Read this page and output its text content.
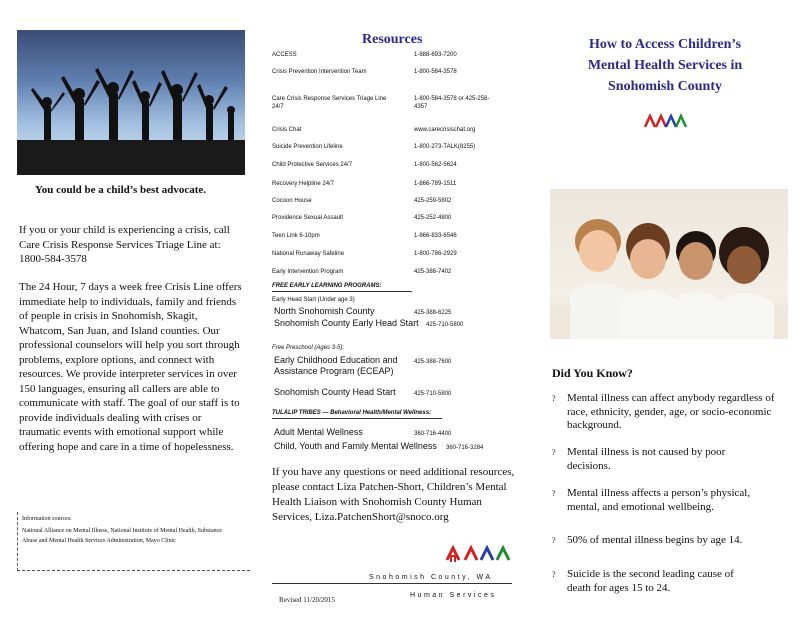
You could be a child’s best advocate.
If you or your child is experiencing a crisis, call Care Crisis Response Services Triage Line at: 1800-584-3578
The 24 Hour, 7 days a week free Crisis Line offers immediate help to individuals, family and friends of people in crisis in Snohomish, Skagit, Whatcom, San Juan, and Island counties. Our professional counselors will help you sort through problems, explore options, and connect with resources. We provide interpreter services in over 150 languages, ensuring all callers are able to communicate with staff. The goal of our staff is to provide individuals dealing with crises or traumatic events with emotional support while offering hope and care in a time of hopelessness.
Information sources:
National Alliance on Mental Illness, National Institute of Mental Health, Substance Abuse and Mental Health Services Administration, Mayo Clinic
Resources
ACCESS	1-888-693-7200
Crisis Prevention Intervention Team	1-800-584-3578
Care Crisis Response Services Triage Line 24/7
1-800-584-3578 or 425-258-4357
Crisis Chat	www.carecrisischat.org
Suicide Prevention Lifeline	1-800-273-TALK(8255)
Child Protective Services 24/7	1-800-562-5624
Recovery Helpline 24/7	1-866-789-1511
Cocoon House	425-259-5802
Providence Sexual Assault	425-252-4800
Teen Link 6-10pm	1-866-833-6546
National Runaway Safeline	1-800-786-2929
Early Intervention Program	425-388-7402
FREE EARLY LEARNING PROGRAMS:
Early Head Start (Under age 3)
North Snohomish County	425-388-6225
Snohomish County Early Head Start 425-710-5800
Free Preschool (Ages 3-5):
Early Childhood Education and Assistance Program (ECEAP)
425-388-7600
Snohomish County Head Start	425-710-5800
TULALIP TRIBES — Behavioral Health/Mental Wellness:
Adult Mental Wellness	360-716-4400
Child, Youth and Family Mental Wellness 360-716-3284
If you have any questions or need additional resources, please contact Liza Patchen-Short, Children’s Mental Health Liaison with Snohomish County Human Services, Liza.PatchenShort@snoco.org
Snohomish County, WA
Revised 11/20/2015
Human Services
How to Access Children’s
Mental Health Services in
Snohomish County
Did You Know?
? Mental illness can affect anybody regardless of race, ethnicity, gender, age, or socio-economic background.
? Mental illness is not caused by poor decisions.
? Mental illness affects a person’s physical, mental, and emotional wellbeing.
? 50% of mental illness begins by age 14.
? Suicide is the second leading cause of death for ages 15 to 24.
